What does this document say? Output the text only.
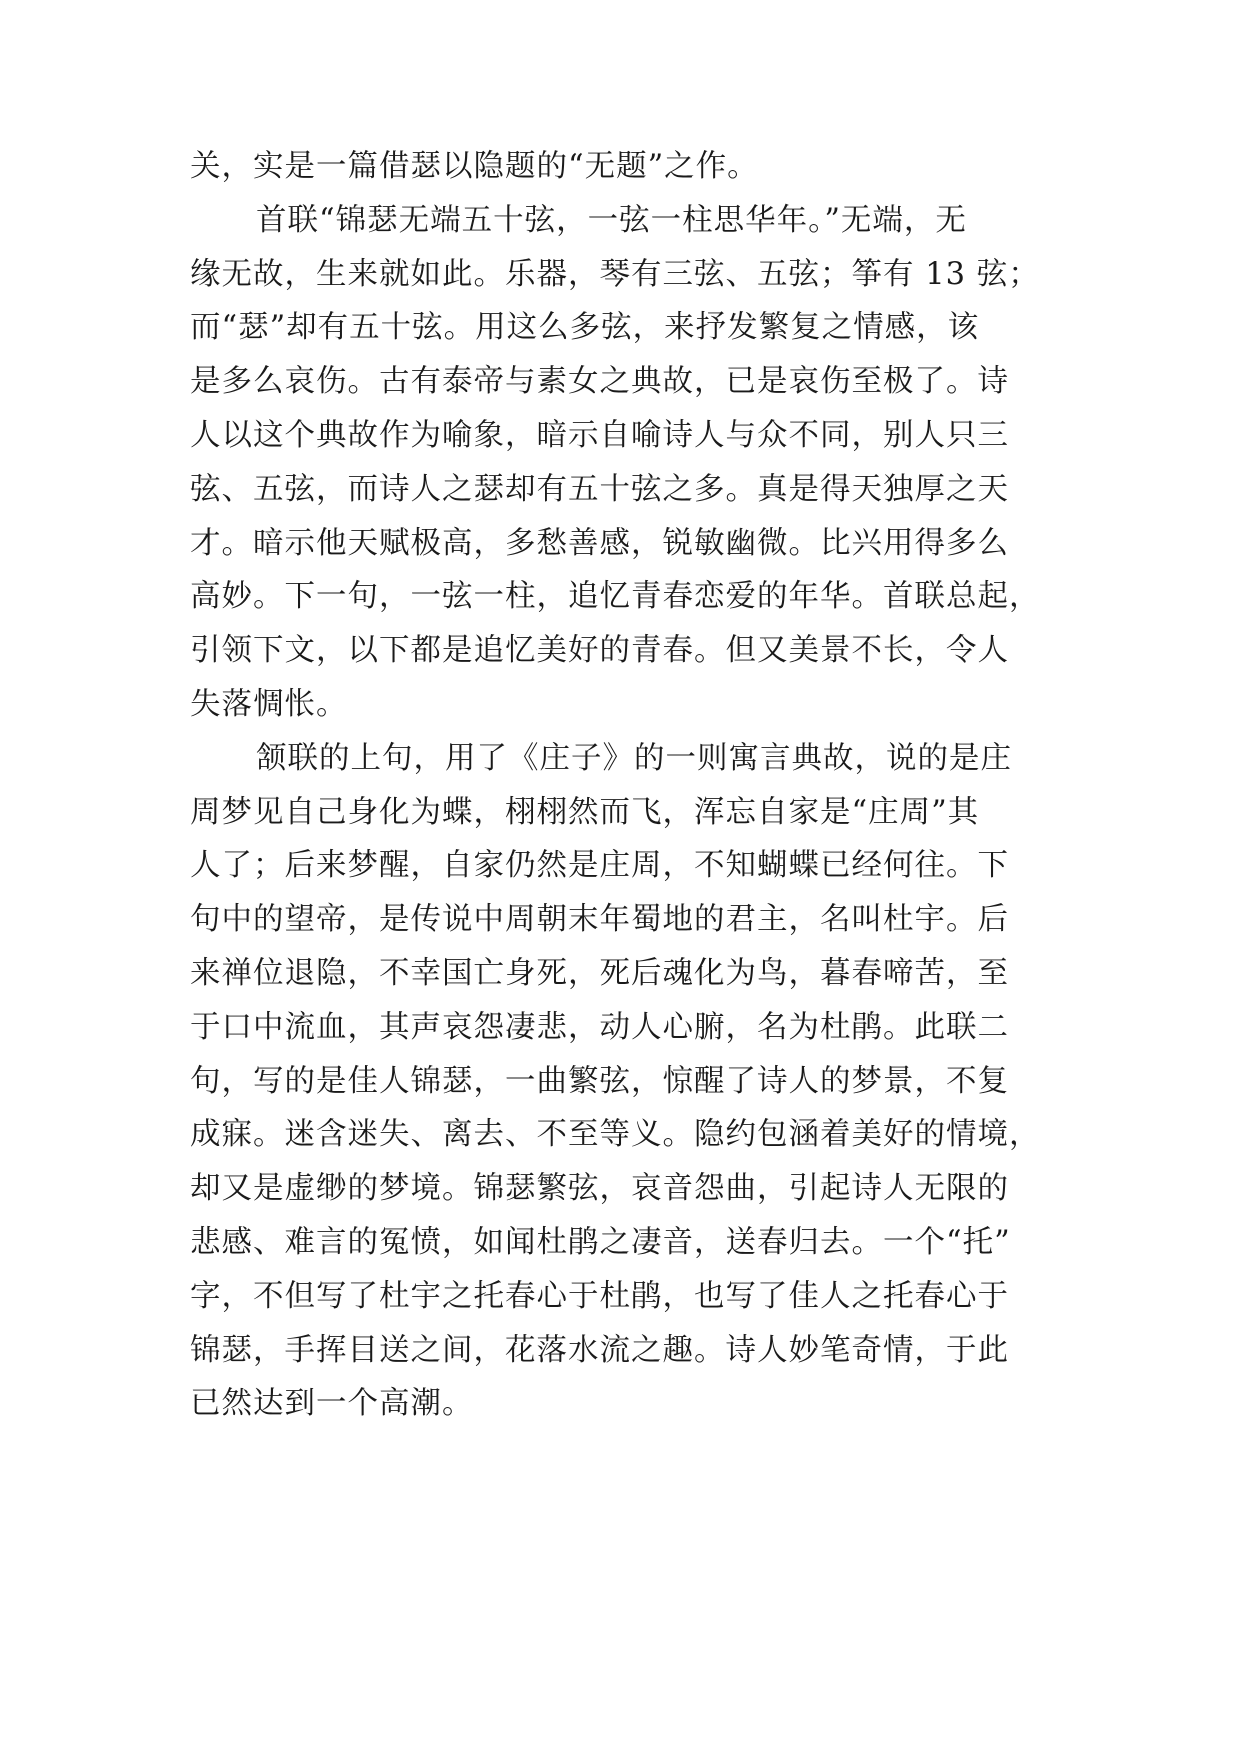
关，实是一篇借瑟以隐题的“无题”之作。
首联“锦瑟无端五十弦，一弦一柱思华年。”无端，无
缘无故，生来就如此。乐器，琴有三弦、五弦；筝有 13 弦；
而“瑟”却有五十弦。用这么多弦，来抒发繁复之情感，该
是多么哀伤。古有泰帝与素女之典故，已是哀伤至极了。诗
人以这个典故作为喻象，暗示自喻诗人与众不同，别人只三
弦、五弦，而诗人之瑟却有五十弦之多。真是得天独厚之天
才。暗示他天赋极高，多愁善感，锐敏幽微。比兴用得多么
高妙。下一句，一弦一柱，追忆青春恋爱的年华。首联总起，
引领下文，以下都是追忆美好的青春。但又美景不长，令人
失落惆怅。
颔联的上句，用了《庄子》的一则寓言典故，说的是庄
周梦见自己身化为蝶，栩栩然而飞，浑忘自家是“庄周”其
人了；后来梦醒，自家仍然是庄周，不知蝴蝶已经何往。下
句中的望帝，是传说中周朝末年蜀地的君主，名叫杜宇。后
来禅位退隐，不幸国亡身死，死后魂化为鸟，暮春啼苦，至
于口中流血，其声哀怨凄悲，动人心腑，名为杜鹃。此联二
句，写的是佳人锦瑟，一曲繁弦，惊醒了诗人的梦景，不复
成寐。迷含迷失、离去、不至等义。隐约包涵着美好的情境，
却又是虚缈的梦境。锦瑟繁弦，哀音怨曲，引起诗人无限的
悲感、难言的冤愤，如闻杜鹃之凄音，送春归去。一个“托”
字，不但写了杜宇之托春心于杜鹃，也写了佳人之托春心于
锦瑟，手挥目送之间，花落水流之趣。诗人妙笔奇情，于此
已然达到一个高潮。
